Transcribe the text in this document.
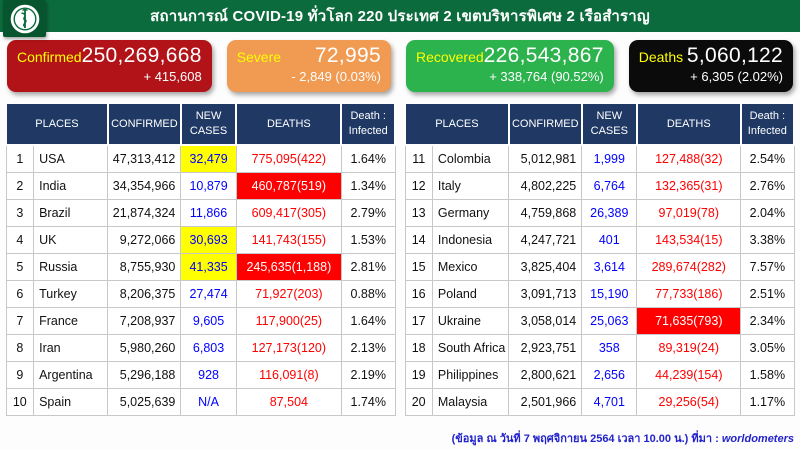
สถานการณ์ COVID-19 ทั่วโลก 220 ประเทศ 2 เขตบริหารพิเศษ 2 เรือสำราญ
Confirmed 250,269,668
+ 415,608
Severe 72,995
- 2,849 (0.03%)
Recovered 226,543,867
+ 338,764 (90.52%)
Deaths 5,060,122
+ 6,305 (2.02%)
PLACES		CONFIRMED	NEW CASES	DEATHS	Death : Infected
1	USA	47,313,412	32,479	775,095(422)	1.64%
2	India	34,354,966	10,879	460,787(519)	1.34%
3	Brazil	21,874,324	11,866	609,417(305)	2.79%
4	UK	9,272,066	30,693	141,743(155)	1.53%
5	Russia	8,755,930	41,335	245,635(1,188)	2.81%
6	Turkey	8,206,375	27,474	71,927(203)	0.88%
7	France	7,208,937	9,605	117,900(25)	1.64%
8	Iran	5,980,260	6,803	127,173(120)	2.13%
9	Argentina	5,296,188	928	116,091(8)	2.19%
10	Spain	5,025,639	N/A	87,504	1.74%
PLACES		CONFIRMED	NEW CASES	DEATHS	Death : Infected
11	Colombia	5,012,981	1,999	127,488(32)	2.54%
12	Italy	4,802,225	6,764	132,365(31)	2.76%
13	Germany	4,759,868	26,389	97,019(78)	2.04%
14	Indonesia	4,247,721	401	143,534(15)	3.38%
15	Mexico	3,825,404	3,614	289,674(282)	7.57%
16	Poland	3,091,713	15,190	77,733(186)	2.51%
17	Ukraine	3,058,014	25,063	71,635(793)	2.34%
18	South Africa	2,923,751	358	89,319(24)	3.05%
19	Philippines	2,800,621	2,656	44,239(154)	1.58%
20	Malaysia	2,501,966	4,701	29,256(54)	1.17%
(ข้อมูล ณ วันที่ 7 พฤศจิกายน 2564 เวลา 10.00 น.) ที่มา : worldometers
